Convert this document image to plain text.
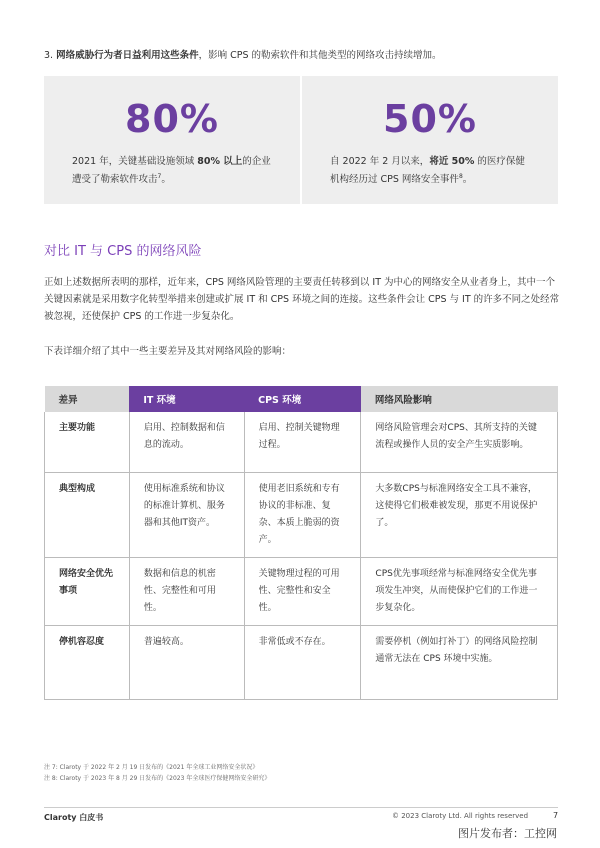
3. 网络威胁行为者日益利用这些条件，影响 CPS 的勒索软件和其他类型的网络攻击持续增加。
80%
2021 年，关键基础设施领域 80% 以上的企业遭受了勒索软件攻击$^7$。
50%
自 2022 年 2 月以来，将近 50% 的医疗保健机构经历过 CPS 网络安全事件$^8$。
对比 IT 与 CPS 的网络风险
正如上述数据所表明的那样，近年来，CPS 网络风险管理的主要责任转移到以 IT 为中心的网络安全从业者身上，其中一个关键因素就是采用数字化转型举措来创建或扩展 IT 和 CPS 环境之间的连接。这些条件会让 CPS 与 IT 的许多不同之处经常被忽视，还使保护 CPS 的工作进一步复杂化。
下表详细介绍了其中一些主要差异及其对网络风险的影响：
差异	IT 环境	CPS 环境	网络风险影响
主要功能	启用、控制数据和信息的流动。	启用、控制关键物理过程。	网络风险管理会对CPS、其所支持的关键流程或操作人员的安全产生实质影响。
典型构成	使用标准系统和协议的标准计算机、服务器和其他IT资产。	使用老旧系统和专有协议的非标准、复杂、本质上脆弱的资产。	大多数CPS与标准网络安全工具不兼容，这使得它们极难被发现，那更不用说保护了。
网络安全优先事项	数据和信息的机密性、完整性和可用性。	关键物理过程的可用性、完整性和安全性。	CPS优先事项经常与标准网络安全优先事项发生冲突，从而使保护它们的工作进一步复杂化。
停机容忍度	普遍较高。	非常低或不存在。	需要停机（例如打补丁）的网络风险控制通常无法在 CPS 环境中实施。
注 7: Claroty 于 2022 年 2 月 19 日发布的《2021 年全球工业网络安全状况》
注 8: Claroty 于 2023 年 8 月 29 日发布的《2023 年全球医疗保健网络安全研究》
Claroty 白皮书	© 2023 Claroty Ltd. All rights reserved	7
图片发布者：工控网
